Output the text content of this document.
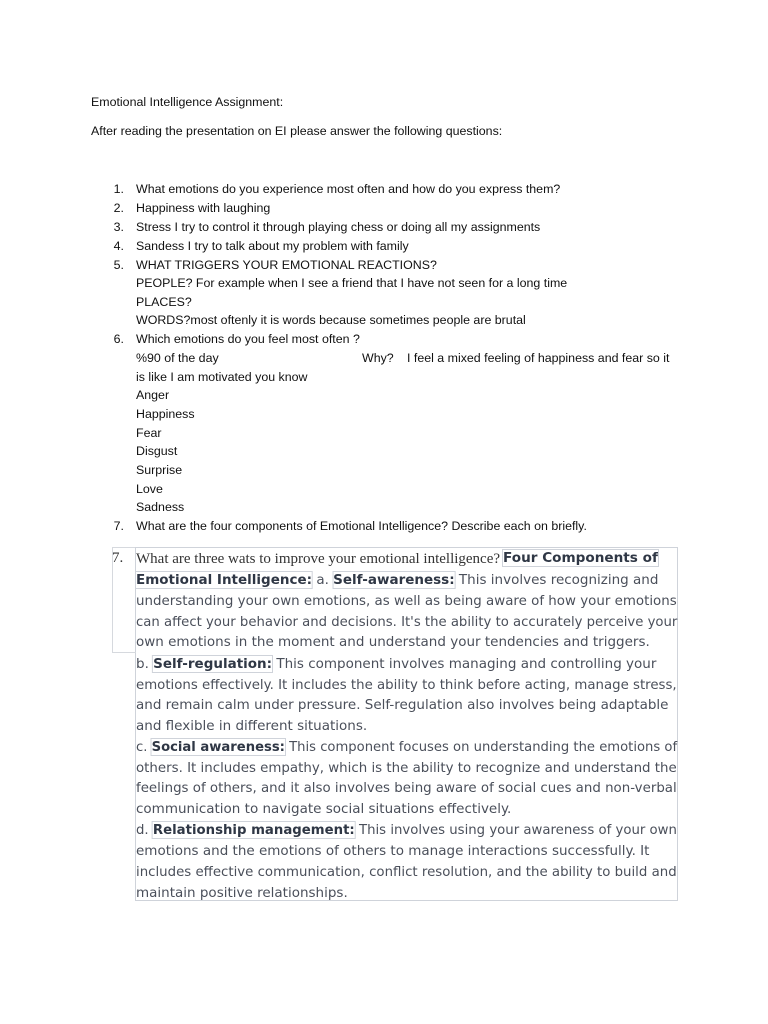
Emotional Intelligence Assignment:
After reading the presentation on EI please answer the following questions:
1. What emotions do you experience most often and how do you express them?
2. Happiness with laughing
3. Stress I try to control it through playing chess or doing all my assignments
4. Sandess I try to talk about my problem with family
5. WHAT TRIGGERS YOUR EMOTIONAL REACTIONS?
PEOPLE? For example when I see a friend that I have not seen for a long time
PLACES?
WORDS?most oftenly it is words because sometimes people are brutal
6. Which emotions do you feel most often ?
%90 of the day	Why? I feel a mixed feeling of happiness and fear so it
is like I am motivated you know
Anger
Happiness
Fear
Disgust
Surprise
Love
Sadness
7. What are the four components of Emotional Intelligence? Describe each on briefly.
7. What are three wats to improve your emotional intelligence? Four Components of
Emotional Intelligence: a. Self-awareness: This involves recognizing and
understanding your own emotions, as well as being aware of how your emotions
can affect your behavior and decisions. It's the ability to accurately perceive your
own emotions in the moment and understand your tendencies and triggers.
b. Self-regulation: This component involves managing and controlling your
emotions effectively. It includes the ability to think before acting, manage stress,
and remain calm under pressure. Self-regulation also involves being adaptable
and flexible in different situations.
c. Social awareness: This component focuses on understanding the emotions of
others. It includes empathy, which is the ability to recognize and understand the
feelings of others, and it also involves being aware of social cues and non-verbal
communication to navigate social situations effectively.
d. Relationship management: This involves using your awareness of your own
emotions and the emotions of others to manage interactions successfully. It
includes effective communication, conflict resolution, and the ability to build and
maintain positive relationships.
